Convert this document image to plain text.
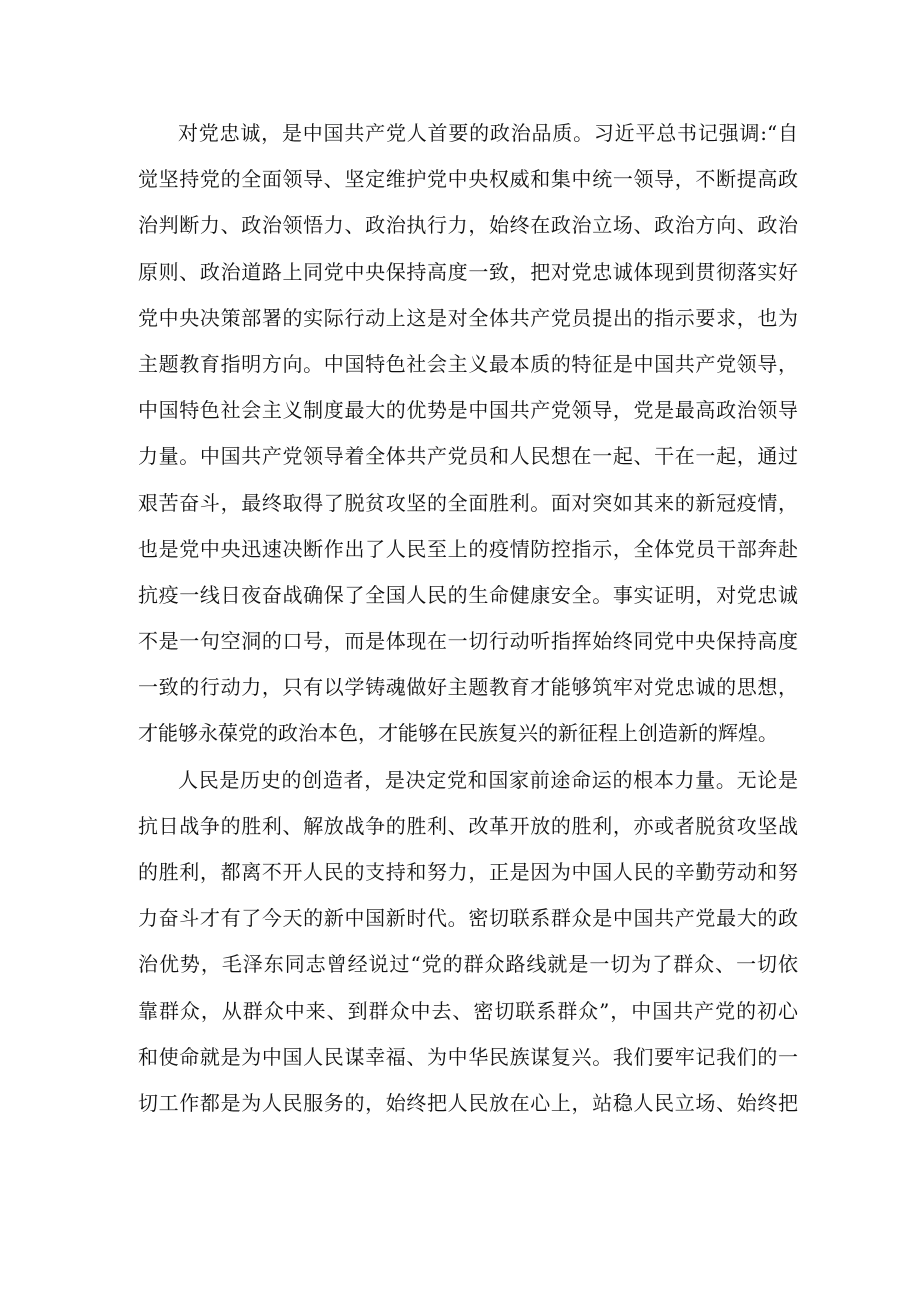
对党忠诚，是中国共产党人首要的政治品质。习近平总书记强调:“自
觉坚持党的全面领导、坚定维护党中央权威和集中统一领导，不断提高政
治判断力、政治领悟力、政治执行力，始终在政治立场、政治方向、政治
原则、政治道路上同党中央保持高度一致，把对党忠诚体现到贯彻落实好
党中央决策部署的实际行动上这是对全体共产党员提出的指示要求，也为
主题教育指明方向。中国特色社会主义最本质的特征是中国共产党领导，
中国特色社会主义制度最大的优势是中国共产党领导，党是最高政治领导
力量。中国共产党领导着全体共产党员和人民想在一起、干在一起，通过
艰苦奋斗，最终取得了脱贫攻坚的全面胜利。面对突如其来的新冠疫情，
也是党中央迅速决断作出了人民至上的疫情防控指示，全体党员干部奔赴
抗疫一线日夜奋战确保了全国人民的生命健康安全。事实证明，对党忠诚
不是一句空洞的口号，而是体现在一切行动听指挥始终同党中央保持高度
一致的行动力，只有以学铸魂做好主题教育才能够筑牢对党忠诚的思想，
才能够永葆党的政治本色，才能够在民族复兴的新征程上创造新的辉煌。
人民是历史的创造者，是决定党和国家前途命运的根本力量。无论是
抗日战争的胜利、解放战争的胜利、改革开放的胜利，亦或者脱贫攻坚战
的胜利，都离不开人民的支持和努力，正是因为中国人民的辛勤劳动和努
力奋斗才有了今天的新中国新时代。密切联系群众是中国共产党最大的政
治优势，毛泽东同志曾经说过“党的群众路线就是一切为了群众、一切依
靠群众，从群众中来、到群众中去、密切联系群众”，中国共产党的初心
和使命就是为中国人民谋幸福、为中华民族谋复兴。我们要牢记我们的一
切工作都是为人民服务的，始终把人民放在心上，站稳人民立场、始终把
